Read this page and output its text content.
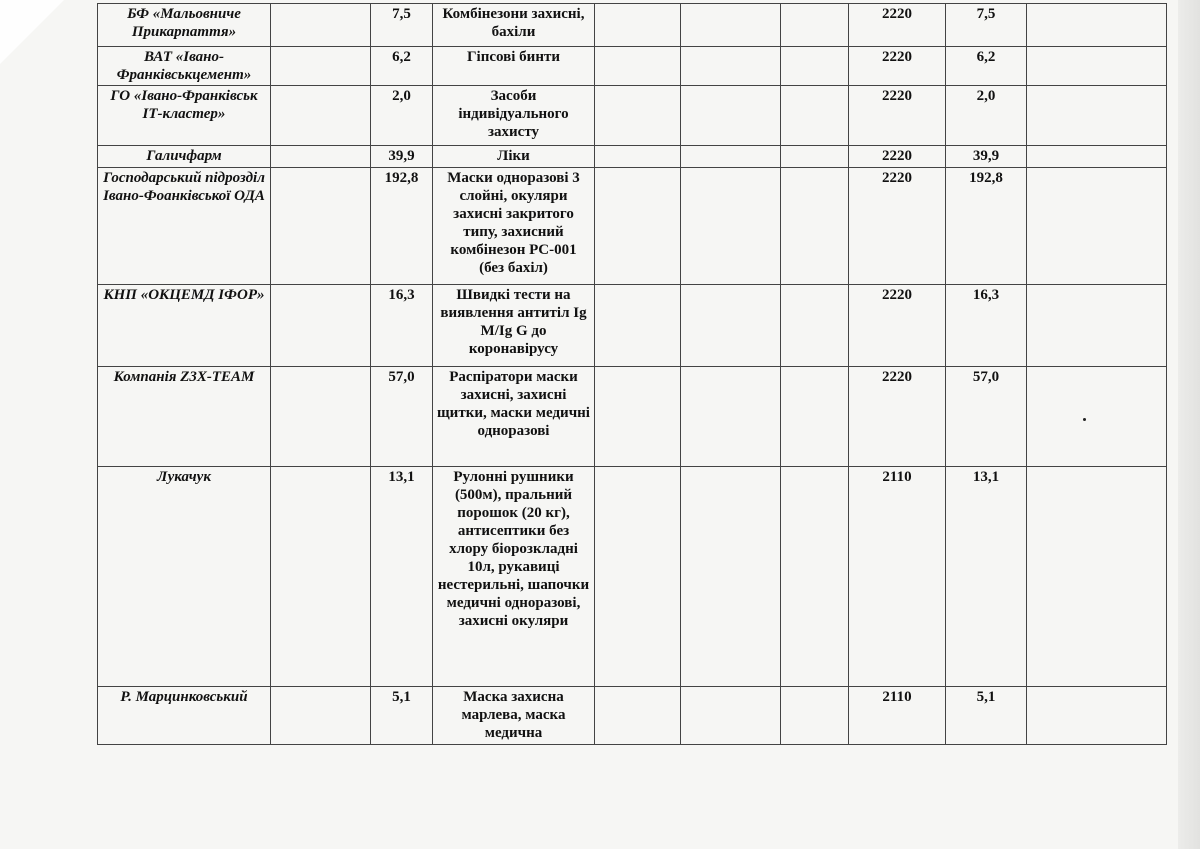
БФ «Мальовниче Прикарпаття»		7,5	Комбінезони захисні, бахіли				2220	7,5	
ВАТ «Івано-Франківськцемент»		6,2	Гіпсові бинти				2220	6,2	
ГО «Івано-Франківськ ІТ-кластер»		2,0	Засоби індивідуального захисту				2220	2,0	
Галичфарм		39,9	Ліки				2220	39,9	
Господарський підрозділ Івано-Фоанківської ОДА		192,8	Маски одноразові 3 слойні, окуляри захисні закритого типу, захисний комбінезон PC-001 (без бахіл)				2220	192,8	
КНП «ОКЦЕМД ІФОР»		16,3	Швидкі тести на виявлення антитіл Ig M/Ig G до коронавірусу				2220	16,3	
Компанія Z3X-TEAM		57,0	Распіратори маски захисні, захисні щитки, маски медичні одноразові				2220	57,0	
Лукачук		13,1	Рулонні рушники (500м), пральний порошок (20 кг), антисептики без хлору біорозкладні 10л, рукавиці нестерильні, шапочки медичні одноразові, захисні окуляри				2110	13,1	
Р. Марцинковський		5,1	Маска захисна марлева, маска медична				2110	5,1	
